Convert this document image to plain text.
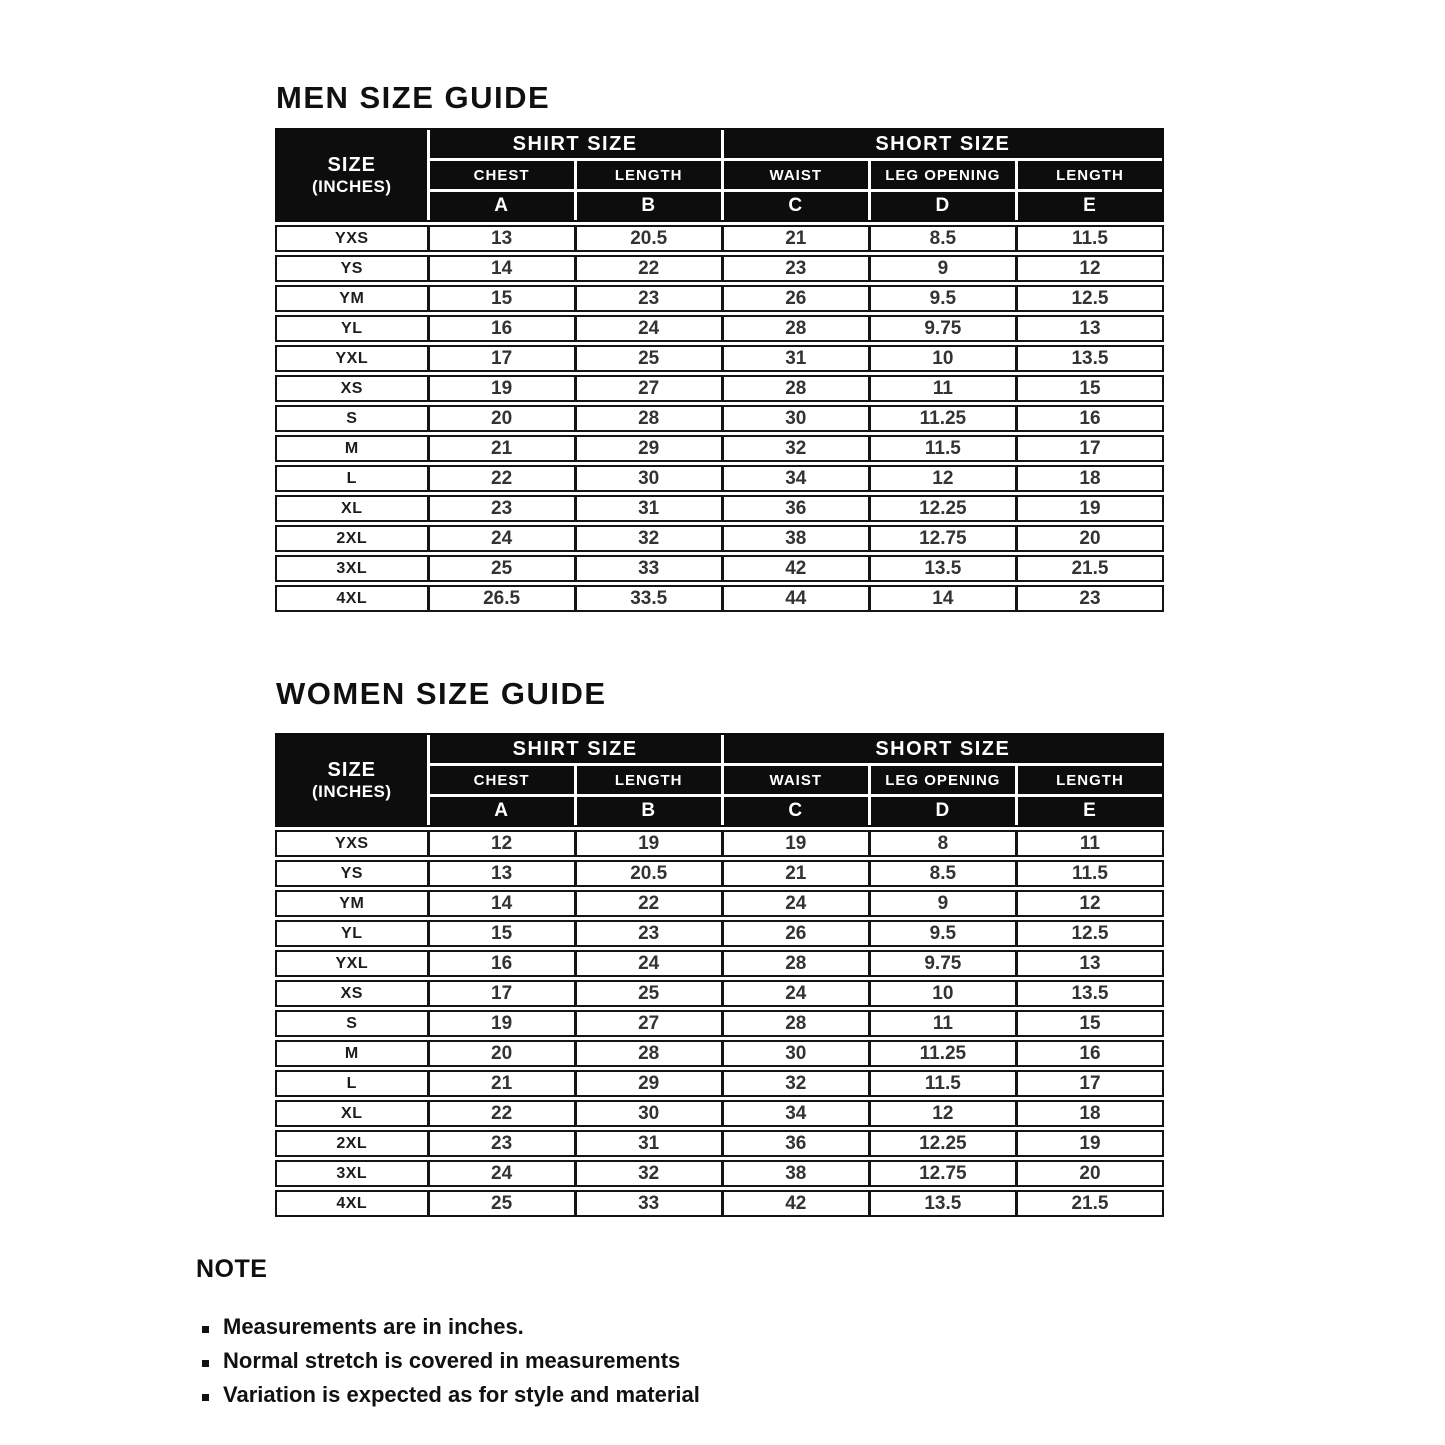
MEN SIZE GUIDE
SIZE
(INCHES)
SHIRT SIZE	SHORT SIZE
CHEST	LENGTH	WAIST	LEG OPENING	LENGTH
A	B	C	D	E
YXS	13	20.5	21	8.5	11.5
YS	14	22	23	9	12
YM	15	23	26	9.5	12.5
YL	16	24	28	9.75	13
YXL	17	25	31	10	13.5
XS	19	27	28	11	15
S	20	28	30	11.25	16
M	21	29	32	11.5	17
L	22	30	34	12	18
XL	23	31	36	12.25	19
2XL	24	32	38	12.75	20
3XL	25	33	42	13.5	21.5
4XL	26.5	33.5	44	14	23
WOMEN SIZE GUIDE
SIZE
(INCHES)
SHIRT SIZE	SHORT SIZE
CHEST	LENGTH	WAIST	LEG OPENING	LENGTH
A	B	C	D	E
YXS	12	19	19	8	11
YS	13	20.5	21	8.5	11.5
YM	14	22	24	9	12
YL	15	23	26	9.5	12.5
YXL	16	24	28	9.75	13
XS	17	25	24	10	13.5
S	19	27	28	11	15
M	20	28	30	11.25	16
L	21	29	32	11.5	17
XL	22	30	34	12	18
2XL	23	31	36	12.25	19
3XL	24	32	38	12.75	20
4XL	25	33	42	13.5	21.5
NOTE
Measurements are in inches.
Normal stretch is covered in measurements
Variation is expected as for style and material
